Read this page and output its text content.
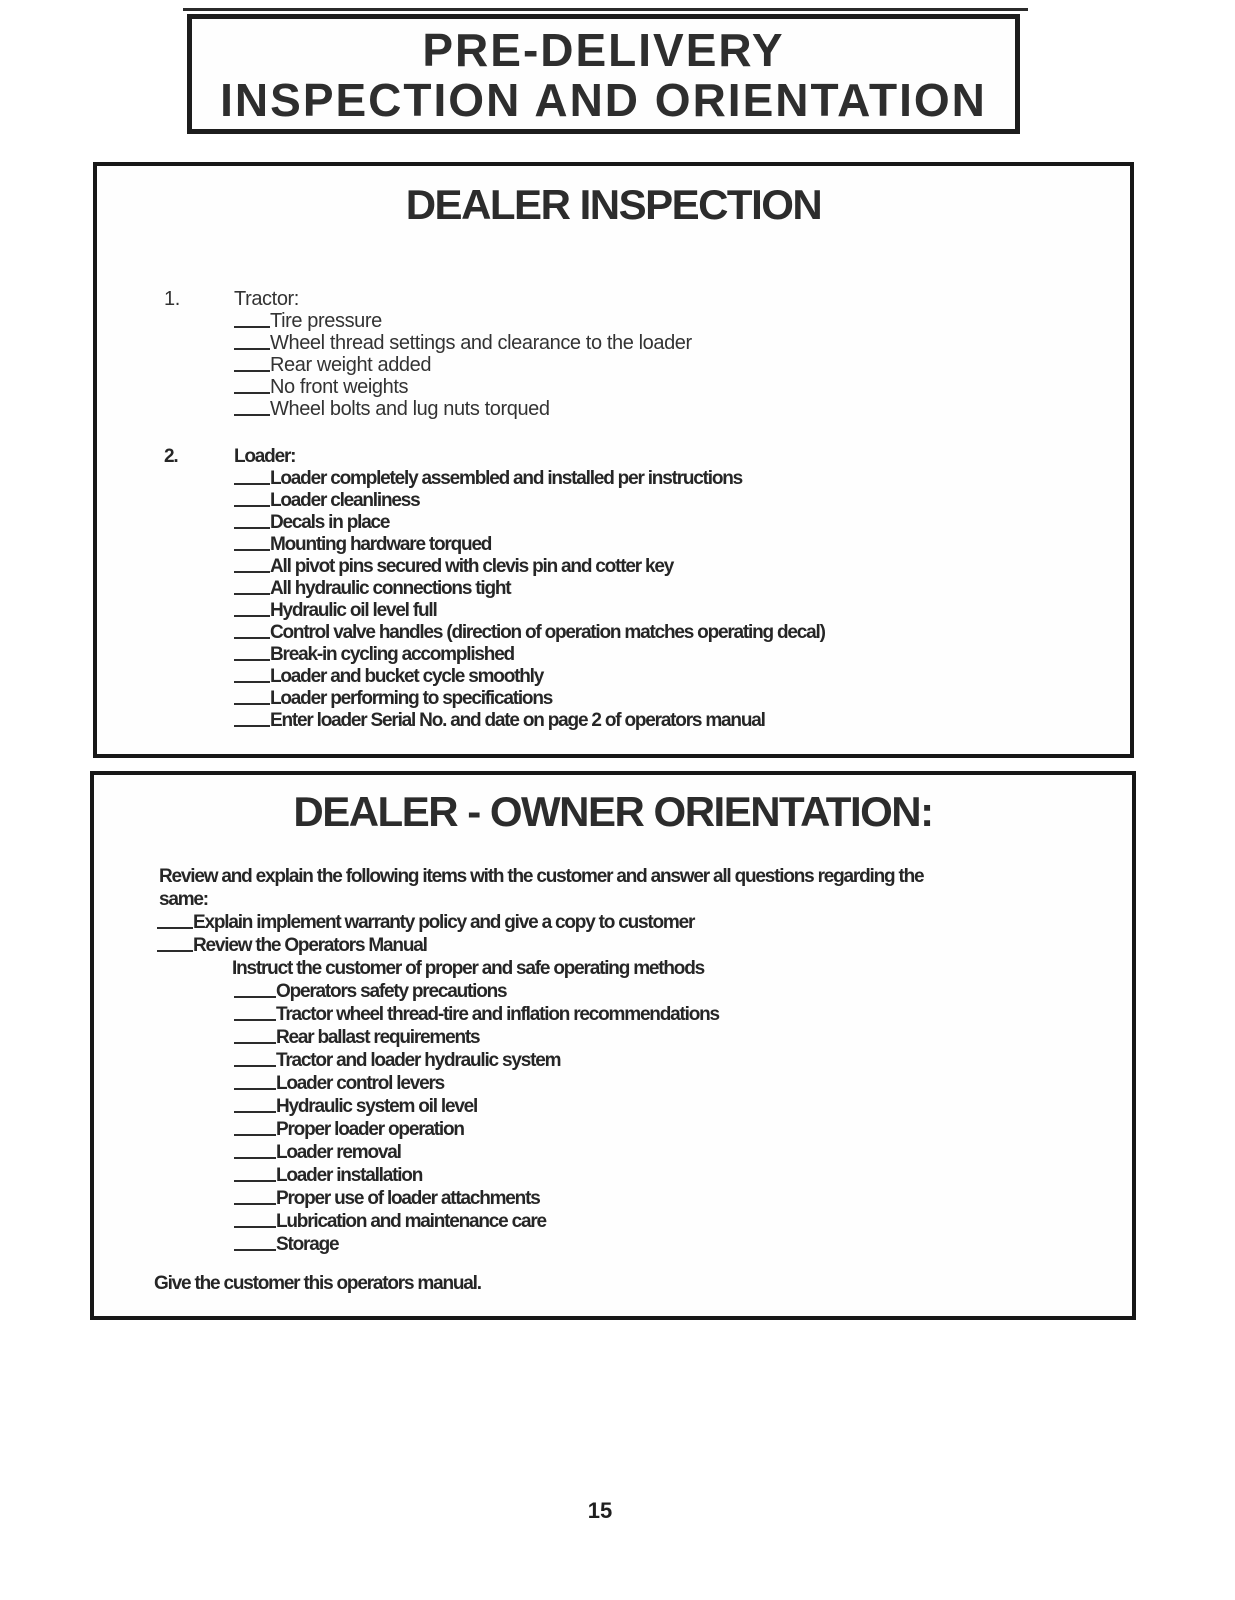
PRE-DELIVERY
INSPECTION AND ORIENTATION
DEALER INSPECTION
1.	Tractor:
Tire pressure
Wheel thread settings and clearance to the loader
Rear weight added
No front weights
Wheel bolts and lug nuts torqued
2.	Loader:
Loader completely assembled and installed per instructions
Loader cleanliness
Decals in place
Mounting hardware torqued
All pivot pins secured with clevis pin and cotter key
All hydraulic connections tight
Hydraulic oil level full
Control valve handles (direction of operation matches operating decal)
Break-in cycling accomplished
Loader and bucket cycle smoothly
Loader performing to specifications
Enter loader Serial No. and date on page 2 of operators manual
DEALER - OWNER ORIENTATION:
Review and explain the following items with the customer and answer all questions regarding the
same:
Explain implement warranty policy and give a copy to customer
Review the Operators Manual
Instruct the customer of proper and safe operating methods
Operators safety precautions
Tractor wheel thread-tire and inflation recommendations
Rear ballast requirements
Tractor and loader hydraulic system
Loader control levers
Hydraulic system oil level
Proper loader operation
Loader removal
Loader installation
Proper use of loader attachments
Lubrication and maintenance care
Storage

Give the customer this operators manual.

15
